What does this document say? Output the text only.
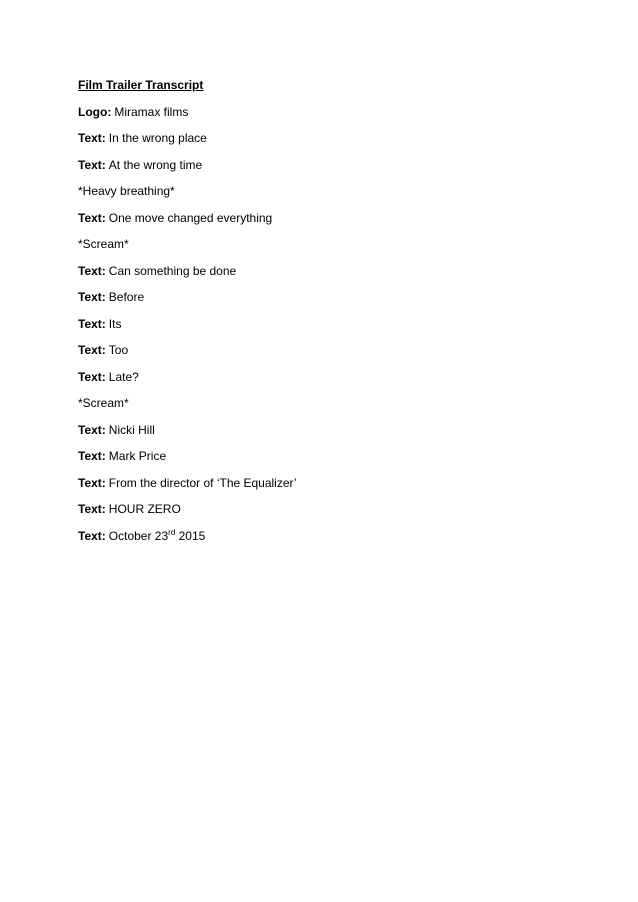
Film Trailer Transcript
Logo: Miramax films
Text: In the wrong place
Text: At the wrong time
*Heavy breathing*
Text: One move changed everything
*Scream*
Text: Can something be done
Text: Before
Text: Its
Text: Too
Text: Late?
*Scream*
Text: Nicki Hill
Text: Mark Price
Text: From the director of ‘The Equalizer’
Text: HOUR ZERO
Text: October 23rd 2015
